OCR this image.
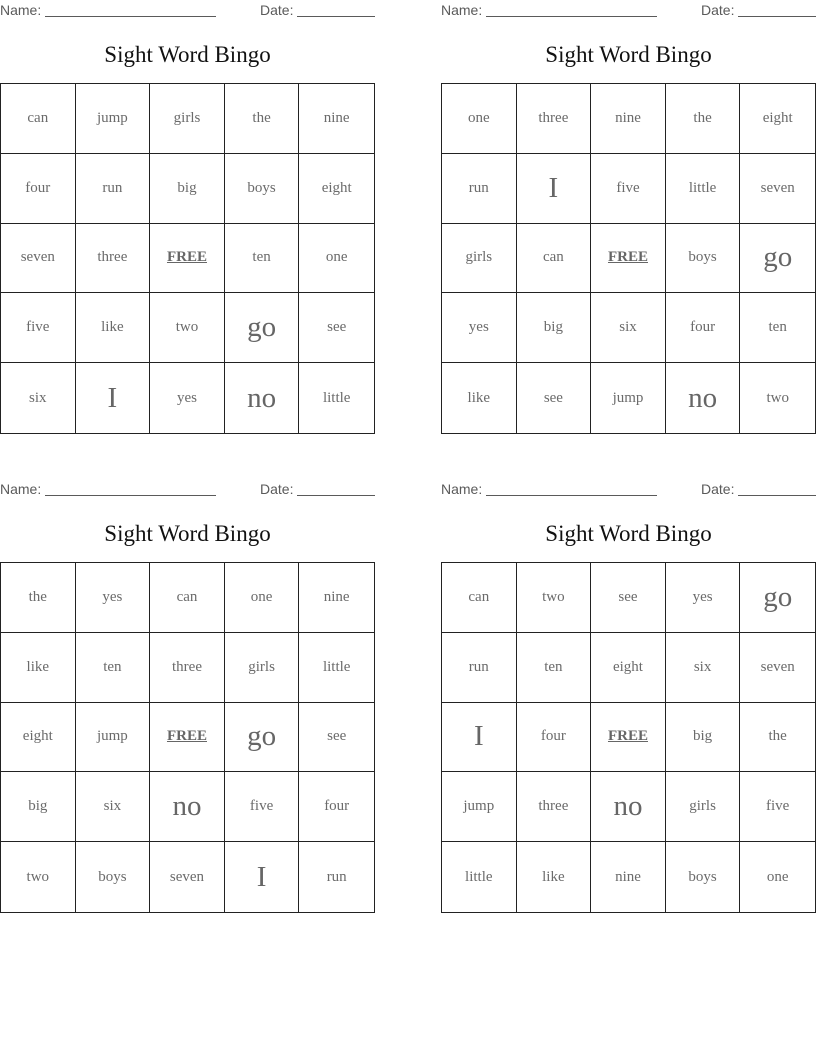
Name:	Date:
Sight Word Bingo
can	jump	girls	the	nine
four	run	big	boys	eight
seven	three	FREE	ten	one
five	like	two	go	see
six	I	yes	no	little
Name:	Date:
Sight Word Bingo
one	three	nine	the	eight
run	I	five	little	seven
girls	can	FREE	boys	go
yes	big	six	four	ten
like	see	jump	no	two
Name:	Date:
Sight Word Bingo
the	yes	can	one	nine
like	ten	three	girls	little
eight	jump	FREE	go	see
big	six	no	five	four
two	boys	seven	I	run
Name:	Date:
Sight Word Bingo
can	two	see	yes	go
run	ten	eight	six	seven
I	four	FREE	big	the
jump	three	no	girls	five
little	like	nine	boys	one
